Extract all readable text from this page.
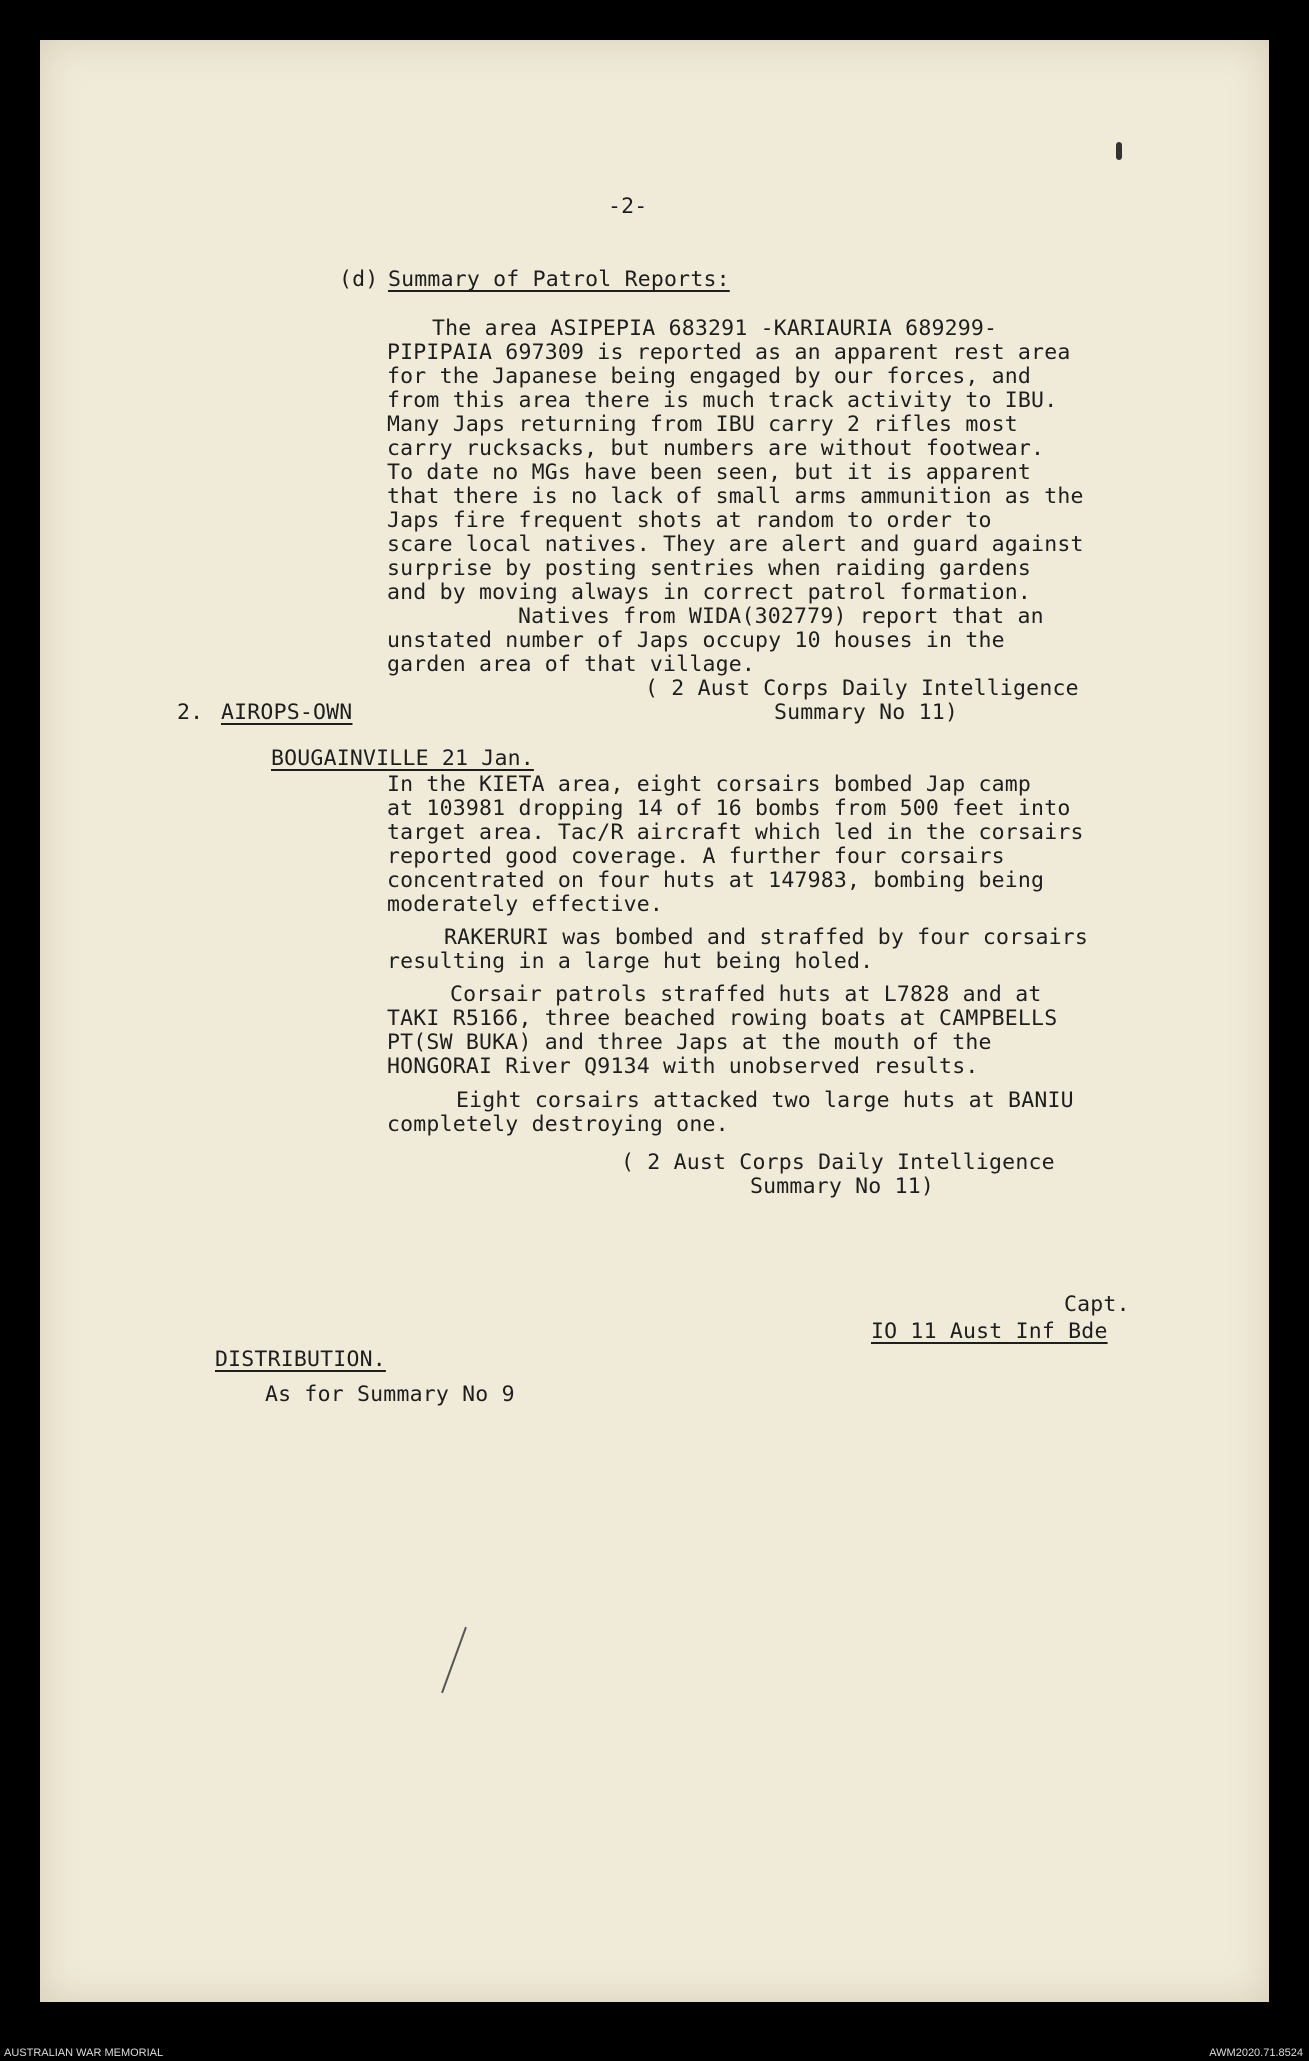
-2-
(d) Summary of Patrol Reports:
The area ASIPEPIA 683291 -KARIAURIA 689299-
PIPIPAIA 697309 is reported as an apparent rest area
for the Japanese being engaged by our forces, and
from this area there is much track activity to IBU.
Many Japs returning from IBU carry 2 rifles most
carry rucksacks, but numbers are without footwear.
To date no MGs have been seen, but it is apparent
that there is no lack of small arms ammunition as the
Japs fire frequent shots at random to order to
scare local natives. They are alert and guard against
surprise by posting sentries when raiding gardens
and by moving always in correct patrol formation.
Natives from WIDA(302779) report that an
unstated number of Japs occupy 10 houses in the
garden area of that village.
( 2 Aust Corps Daily Intelligence
Summary No 11)
2. AIROPS-OWN
BOUGAINVILLE 21 Jan.
In the KIETA area, eight corsairs bombed Jap camp
at 103981 dropping 14 of 16 bombs from 500 feet into
target area. Tac/R aircraft which led in the corsairs
reported good coverage. A further four corsairs
concentrated on four huts at 147983, bombing being
moderately effective.
RAKERURI was bombed and straffed by four corsairs
resulting in a large hut being holed.
Corsair patrols straffed huts at L7828 and at
TAKI R5166, three beached rowing boats at CAMPBELLS
PT(SW BUKA) and three Japs at the mouth of the
HONGORAI River Q9134 with unobserved results.
Eight corsairs attacked two large huts at BANIU
completely destroying one.
( 2 Aust Corps Daily Intelligence
Summary No 11)
Capt.
IO 11 Aust Inf Bde
DISTRIBUTION.
As for Summary No 9
AUSTRALIAN WAR MEMORIAL	AWM2020.71.8524
